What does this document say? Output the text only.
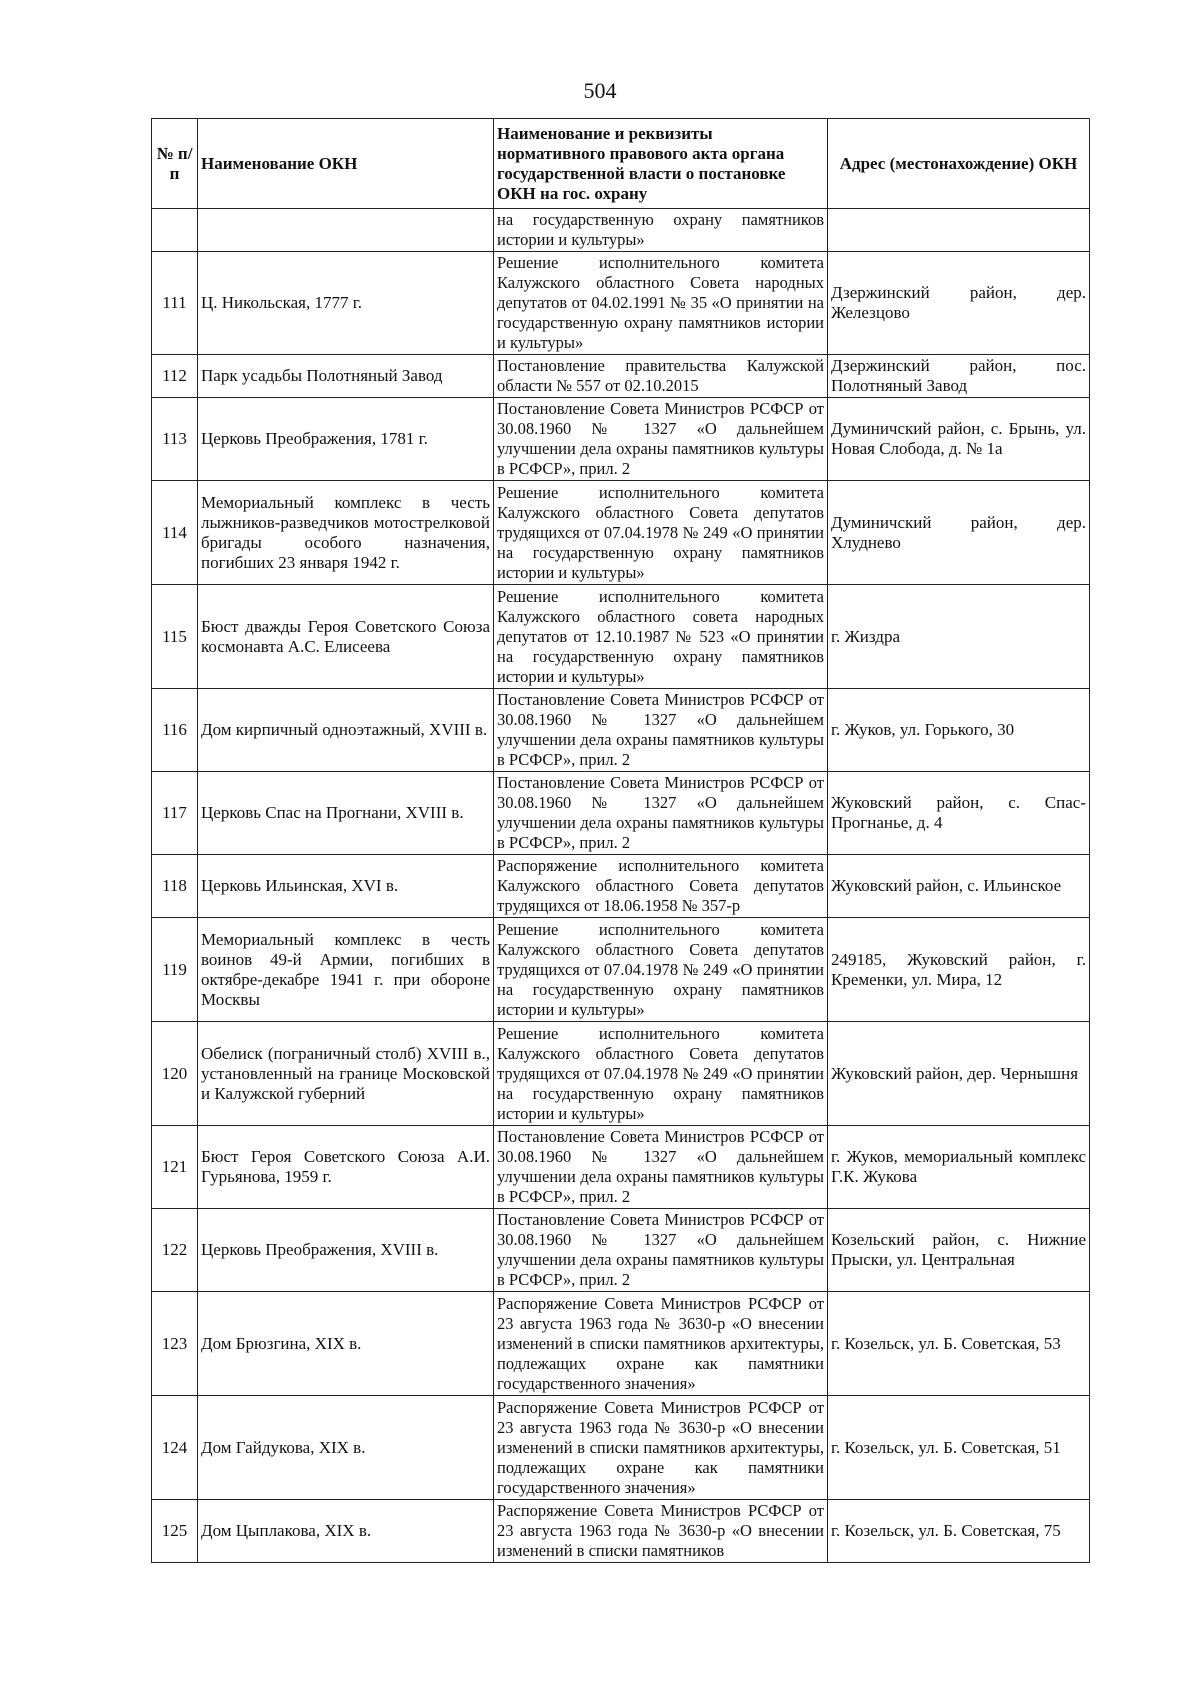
504
№ п/п	Наименование ОКН	Наименование и реквизиты нормативного правового акта органа государственной власти о постановке ОКН на гос. охрану	Адрес (местонахождение) ОКН
		на государственную охрану памятников истории и культуры»	
111	Ц. Никольская, 1777 г.	Решение исполнительного комитета Калужского областного Совета народных депутатов от 04.02.1991 № 35 «О принятии на государственную охрану памятников истории и культуры»	Дзержинский район, дер. Железцово
112	Парк усадьбы Полотняный Завод	Постановление правительства Калужской области № 557 от 02.10.2015	Дзержинский район, пос. Полотняный Завод
113	Церковь Преображения, 1781 г.	Постановление Совета Министров РСФСР от 30.08.1960 № 1327 «О дальнейшем улучшении дела охраны памятников культуры в РСФСР», прил. 2	Думиничский район, с. Брынь, ул. Новая Слобода, д. № 1а
114	Мемориальный комплекс в честь лыжников-разведчиков мотострелковой бригады особого назначения, погибших 23 января 1942 г.	Решение исполнительного комитета Калужского областного Совета депутатов трудящихся от 07.04.1978 № 249 «О принятии на государственную охрану памятников истории и культуры»	Думиничский район, дер. Хлуднево
115	Бюст дважды Героя Советского Союза космонавта А.С. Елисеева	Решение исполнительного комитета Калужского областного совета народных депутатов от 12.10.1987 № 523 «О принятии на государственную охрану памятников истории и культуры»	г. Жиздра
116	Дом кирпичный одноэтажный, XVIII в.	Постановление Совета Министров РСФСР от 30.08.1960 № 1327 «О дальнейшем улучшении дела охраны памятников культуры в РСФСР», прил. 2	г. Жуков, ул. Горького, 30
117	Церковь Спас на Прогнани, XVIII в.	Постановление Совета Министров РСФСР от 30.08.1960 № 1327 «О дальнейшем улучшении дела охраны памятников культуры в РСФСР», прил. 2	Жуковский район, с. Спас-Прогнанье, д. 4
118	Церковь Ильинская, XVI в.	Распоряжение исполнительного комитета Калужского областного Совета депутатов трудящихся от 18.06.1958 № 357-р	Жуковский район, с. Ильинское
119	Мемориальный комплекс в честь воинов 49-й Армии, погибших в октябре-декабре 1941 г. при обороне Москвы	Решение исполнительного комитета Калужского областного Совета депутатов трудящихся от 07.04.1978 № 249 «О принятии на государственную охрану памятников истории и культуры»	249185, Жуковский район, г. Кременки, ул. Мира, 12
120	Обелиск (пограничный столб) XVIII в., установленный на границе Московской и Калужской губерний	Решение исполнительного комитета Калужского областного Совета депутатов трудящихся от 07.04.1978 № 249 «О принятии на государственную охрану памятников истории и культуры»	Жуковский район, дер. Чернышня
121	Бюст Героя Советского Союза А.И. Гурьянова, 1959 г.	Постановление Совета Министров РСФСР от 30.08.1960 № 1327 «О дальнейшем улучшении дела охраны памятников культуры в РСФСР», прил. 2	г. Жуков, мемориальный комплекс Г.К. Жукова
122	Церковь Преображения, XVIII в.	Постановление Совета Министров РСФСР от 30.08.1960 № 1327 «О дальнейшем улучшении дела охраны памятников культуры в РСФСР», прил. 2	Козельский район, с. Нижние Прыски, ул. Центральная
123	Дом Брюзгина, XIX в.	Распоряжение Совета Министров РСФСР от 23 августа 1963 года № 3630-р «О внесении изменений в списки памятников архитектуры, подлежащих охране как памятники государственного значения»	г. Козельск, ул. Б. Советская, 53
124	Дом Гайдукова, XIX в.	Распоряжение Совета Министров РСФСР от 23 августа 1963 года № 3630-р «О внесении изменений в списки памятников архитектуры, подлежащих охране как памятники государственного значения»	г. Козельск, ул. Б. Советская, 51
125	Дом Цыплакова, XIX в.	Распоряжение Совета Министров РСФСР от 23 августа 1963 года № 3630-р «О внесении изменений в списки памятников	г. Козельск, ул. Б. Советская, 75
